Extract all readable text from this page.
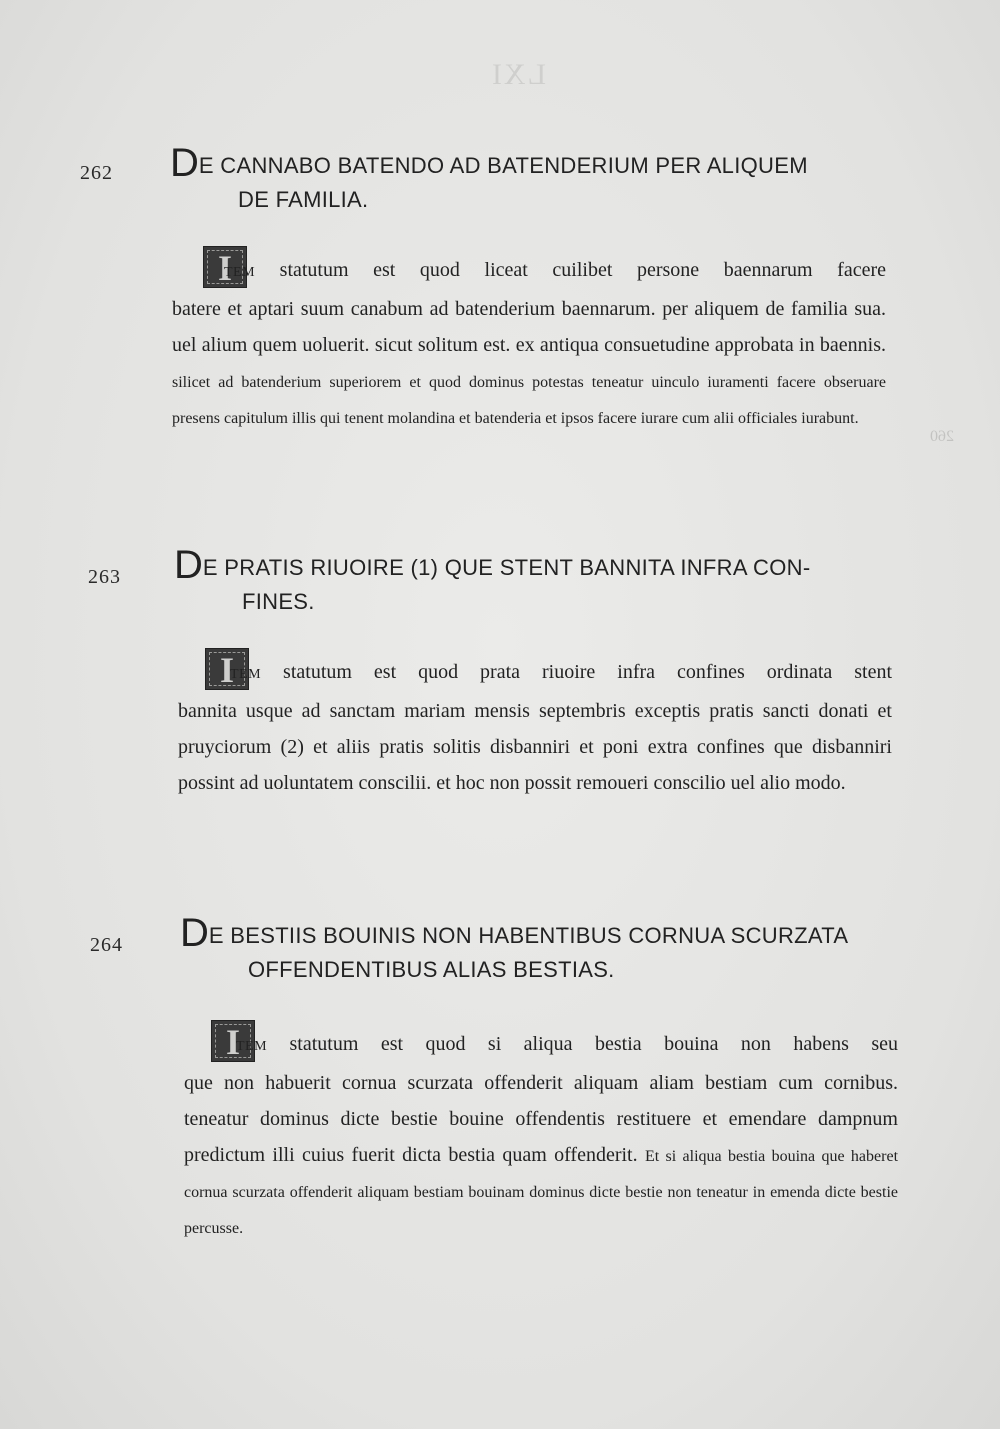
LXI
260
262 DE CANNABO BATENDO AD BATENDERIUM PER ALIQUEM
DE FAMILIA.
I
TEM statutum est quod liceat cuilibet persone baennarum facere
batere et aptari suum canabum ad batenderium baennarum. per aliquem de familia sua. uel alium quem uoluerit. sicut solitum est. ex antiqua consuetudine approbata in baennis. silicet ad batenderium superiorem et quod dominus potestas teneatur uinculo iuramenti facere obseruare presens capitulum illis qui tenent molandina et batenderia et ipsos facere iurare cum alii officiales iurabunt.
263 DE PRATIS RIUOIRE (1) QUE STENT BANNITA INFRA CON-
FINES.
I
TEM statutum est quod prata riuoire infra confines ordinata stent
bannita usque ad sanctam mariam mensis septembris exceptis pratis sancti donati et pruyciorum (2) et aliis pratis solitis disbanniri et poni extra confines que disbanniri possint ad uoluntatem conscilii. et hoc non possit remoueri conscilio uel alio modo.
264 DE BESTIIS BOUINIS NON HABENTIBUS CORNUA SCURZATA
OFFENDENTIBUS ALIAS BESTIAS.
I
TEM statutum est quod si aliqua bestia bouina non habens seu
que non habuerit cornua scurzata offenderit aliquam aliam bestiam cum cornibus. teneatur dominus dicte bestie bouine offendentis restituere et emendare dampnum predictum illi cuius fuerit dicta bestia quam offenderit. Et si aliqua bestia bouina que haberet cornua scurzata offenderit aliquam bestiam bouinam dominus dicte bestie non teneatur in emenda dicte bestie percusse.
